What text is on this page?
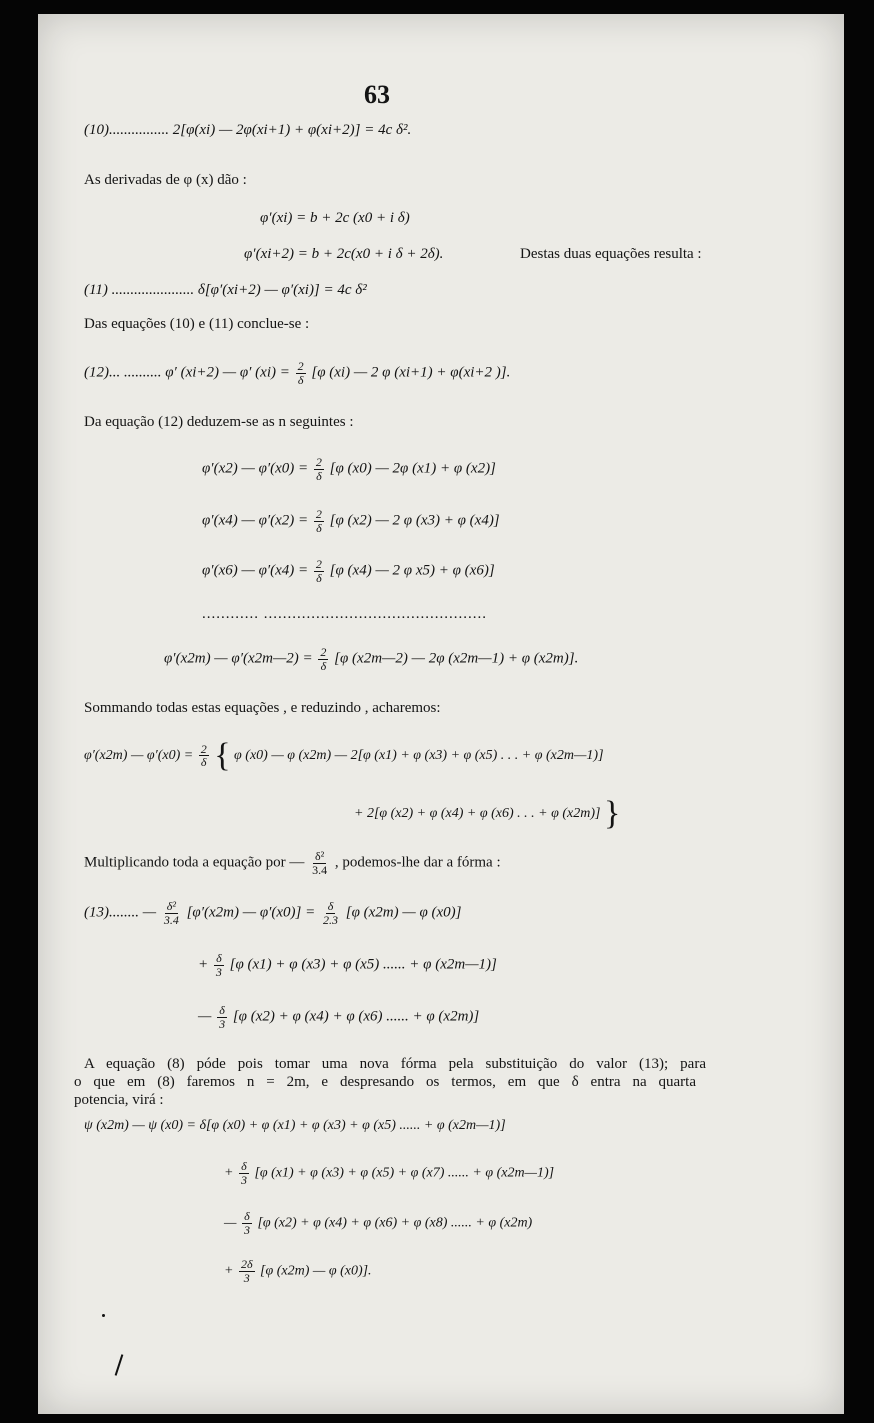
63
(10)................ 2[φ(xi) — 2φ(xi+1) + φ(xi+2)] = 4c δ².
As derivadas de φ (x) dão :
φ′(xi) = b + 2c (x0 + i δ)
φ′(xi+2) = b + 2c(x0 + i δ + 2δ).	Destas duas equações resulta :
(11) ...................... δ[φ′(xi+2) — φ′(xi)] = 4c δ²
Das equações (10) e (11) conclue-se :
(12)... .......... φ′ (xi+2) — φ′ $(xi) = \frac{2}{\delta} [\varphi$ (xi) — 2 φ (xi+1) + φ(xi+2 )].
Da equação (12) deduzem-se as n seguintes :
φ′(x2) — $\varphi'(x0) = \frac{2}{\delta} [\varphi$ (x0) — 2φ (x1) + φ (x2)]
φ′(x4) — $\varphi'(x2) = \frac{2}{\delta} [\varphi$ (x2) — 2 φ (x3) + φ (x4)]
φ′(x6) — $\varphi'(x4) = \frac{2}{\delta} [\varphi$ (x4) — 2 φ x5) + φ (x6)]
............ ...............................................
φ′(x2m) — φ′(x2m—2) = $\frac{2}{\delta} [\varphi$ (x2m—2) — 2φ (x2m—1) + φ (x2m)].
Sommando todas estas equações , e reduzindo , acharemos:
φ′(x2m) — $\varphi'(x0) = \frac{2}{\delta}$ { φ (x0) — φ (x2m) — 2[φ (x1) + φ (x3) + φ (x5) . . . + φ (x2m—1)]
+ 2[φ (x2) + φ (x4) + φ (x6) . . . + φ (x2m)] }
Multiplicando toda a equação por — $\frac{\text{δ²}}{3.4}$ , podemos-lhe dar a fórma :
(13)........ — $\frac{\text{δ²}}{3.4} [\varphi'(x2m)$ — $\varphi'(x0)] = \frac{\delta}{2.3} [\varphi$ (x2m) — φ (x0)]
+ $\frac{\delta}{3} [\varphi$ (x1) + φ (x3) + φ (x5) ...... + φ (x2m—1)]
— $\frac{\delta}{3} [\varphi$ (x2) + φ (x4) + φ (x6) ...... + φ (x2m)]
A equação (8) póde pois tomar uma nova fórma pela substituição do valor (13); para
o que em (8) faremos n = 2m, e despresando os termos, em que δ entra na quarta
potencia, virá :
ψ (x2m) — ψ (x0) = δ[φ (x0) + φ (x1) + φ (x3) + φ (x5) ...... + φ (x2m—1)]
+ $\frac{\delta}{3} [\varphi$ (x1) + φ (x3) + φ (x5) + φ (x7) ...... + φ (x2m—1)]
— $\frac{\delta}{3} [\varphi$ (x2) + φ (x4) + φ (x6) + φ (x8) ...... + φ (x2m)
+ $\frac{2\delta}{3} [\varphi$ (x2m) — φ (x0)].
